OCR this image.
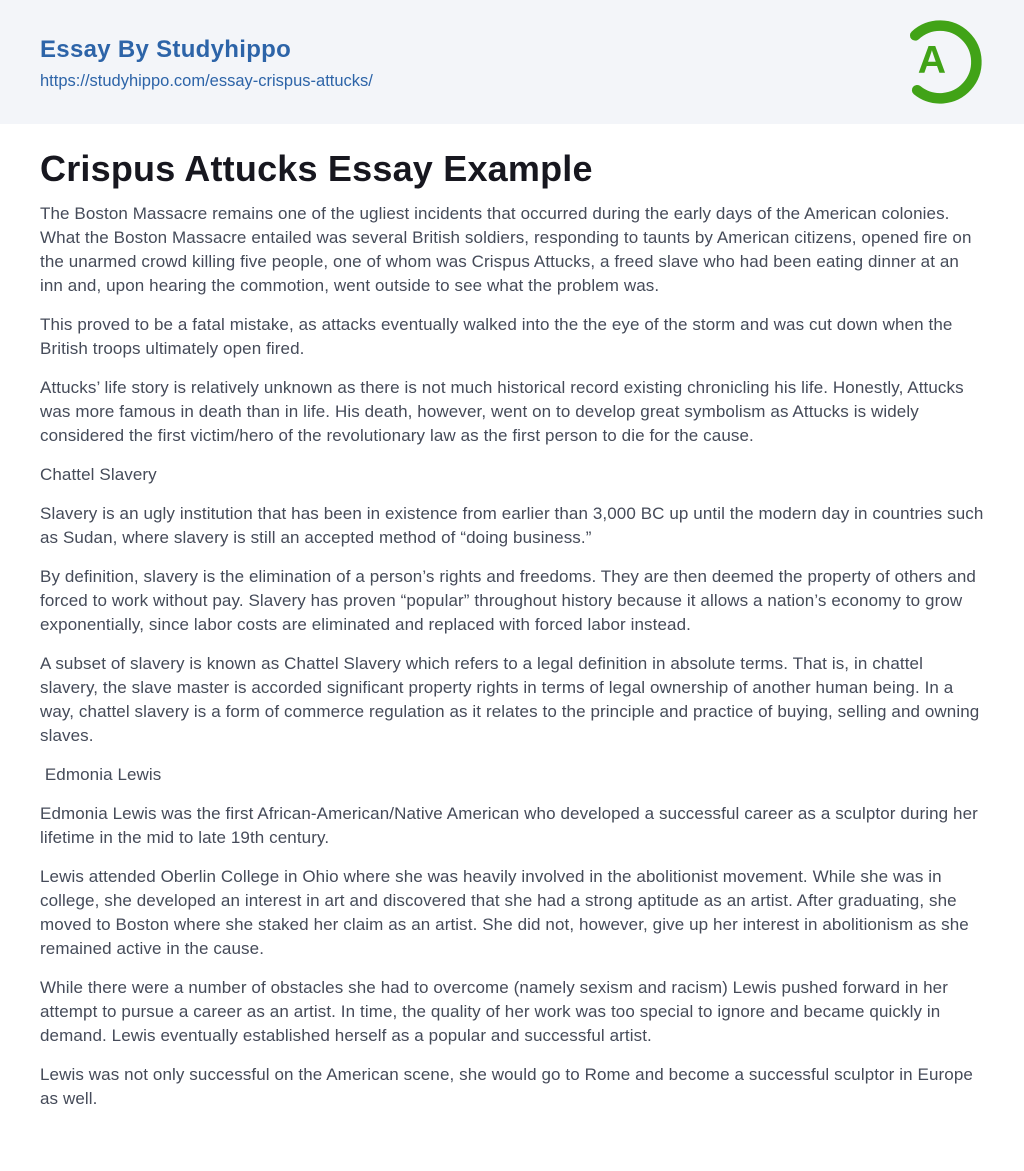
Essay By Studyhippo
https://studyhippo.com/essay-crispus-attucks/	A
Crispus Attucks Essay Example

The Boston Massacre remains one of the ugliest incidents that occurred during the early days of the American colonies. What the Boston Massacre entailed was several British soldiers, responding to taunts by American citizens, opened fire on the unarmed crowd killing five people, one of whom was Crispus Attucks, a freed slave who had been eating dinner at an inn and, upon hearing the commotion, went outside to see what the problem was.

This proved to be a fatal mistake, as attacks eventually walked into the the eye of the storm and was cut down when the British troops ultimately open fired.

Attucks’ life story is relatively unknown as there is not much historical record existing chronicling his life. Honestly, Attucks was more famous in death than in life. His death, however, went on to develop great symbolism as Attucks is widely considered the first victim/hero of the revolutionary law as the first person to die for the cause.

Chattel Slavery

Slavery is an ugly institution that has been in existence from earlier than 3,000 BC up until the modern day in countries such as Sudan, where slavery is still an accepted method of “doing business.”

By definition, slavery is the elimination of a person’s rights and freedoms. They are then deemed the property of others and forced to work without pay. Slavery has proven “popular” throughout history because it allows a nation’s economy to grow exponentially, since labor costs are eliminated and replaced with forced labor instead.

A subset of slavery is known as Chattel Slavery which refers to a legal definition in absolute terms. That is, in chattel slavery, the slave master is accorded significant property rights in terms of legal ownership of another human being. In a way, chattel slavery is a form of commerce regulation as it relates to the principle and practice of buying, selling and owning slaves.

Edmonia Lewis

Edmonia Lewis was the first African-American/Native American who developed a successful career as a sculptor during her lifetime in the mid to late 19th century.

Lewis attended Oberlin College in Ohio where she was heavily involved in the abolitionist movement. While she was in college, she developed an interest in art and discovered that she had a strong aptitude as an artist. After graduating, she moved to Boston where she staked her claim as an artist. She did not, however, give up her interest in abolitionism as she remained active in the cause.

While there were a number of obstacles she had to overcome (namely sexism and racism) Lewis pushed forward in her attempt to pursue a career as an artist. In time, the quality of her work was too special to ignore and became quickly in demand. Lewis eventually established herself as a popular and successful artist.

Lewis was not only successful on the American scene, she would go to Rome and become a successful sculptor in Europe as well.
